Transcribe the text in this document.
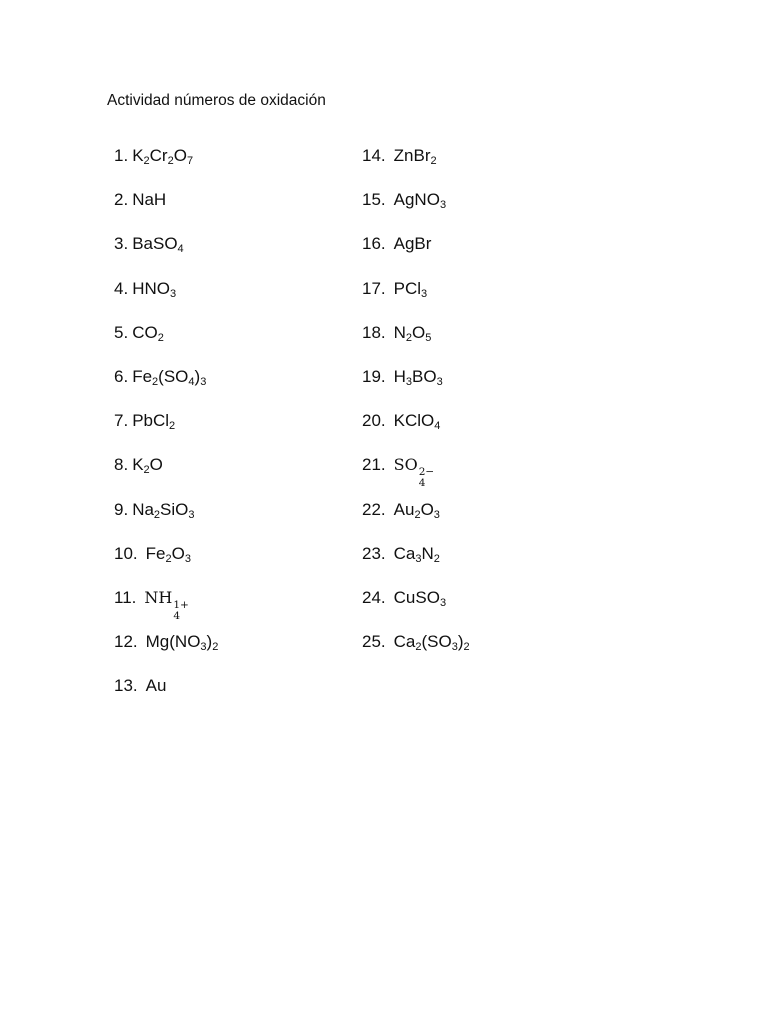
Actividad números de oxidación
1. $K_2Cr_2O_7$
2. NaH
3. BaSO$_4$
4. $HNO_3$
5. $CO_2$
6. $Fe_2(SO_4)_3$
7. PbCl$_2$
8. $K_2O$
9. $Na_2SiO_3$
10. $Fe_2O_3$
11. NH 1+
4
12. $Mg(NO_3)_2$
13. Au
14. ZnBr$_2$
15. AgNO$_3$
16. AgBr
17. PCl$_3$
18. $N_2O_5$
19. $H_3BO_3$
20. KClO$_4$
21. SO 2−
4
22. $Au_2O_3$
23. $Ca_3N_2$
24. CuSO$_3$
25. $Ca_2(SO_3)_2$
